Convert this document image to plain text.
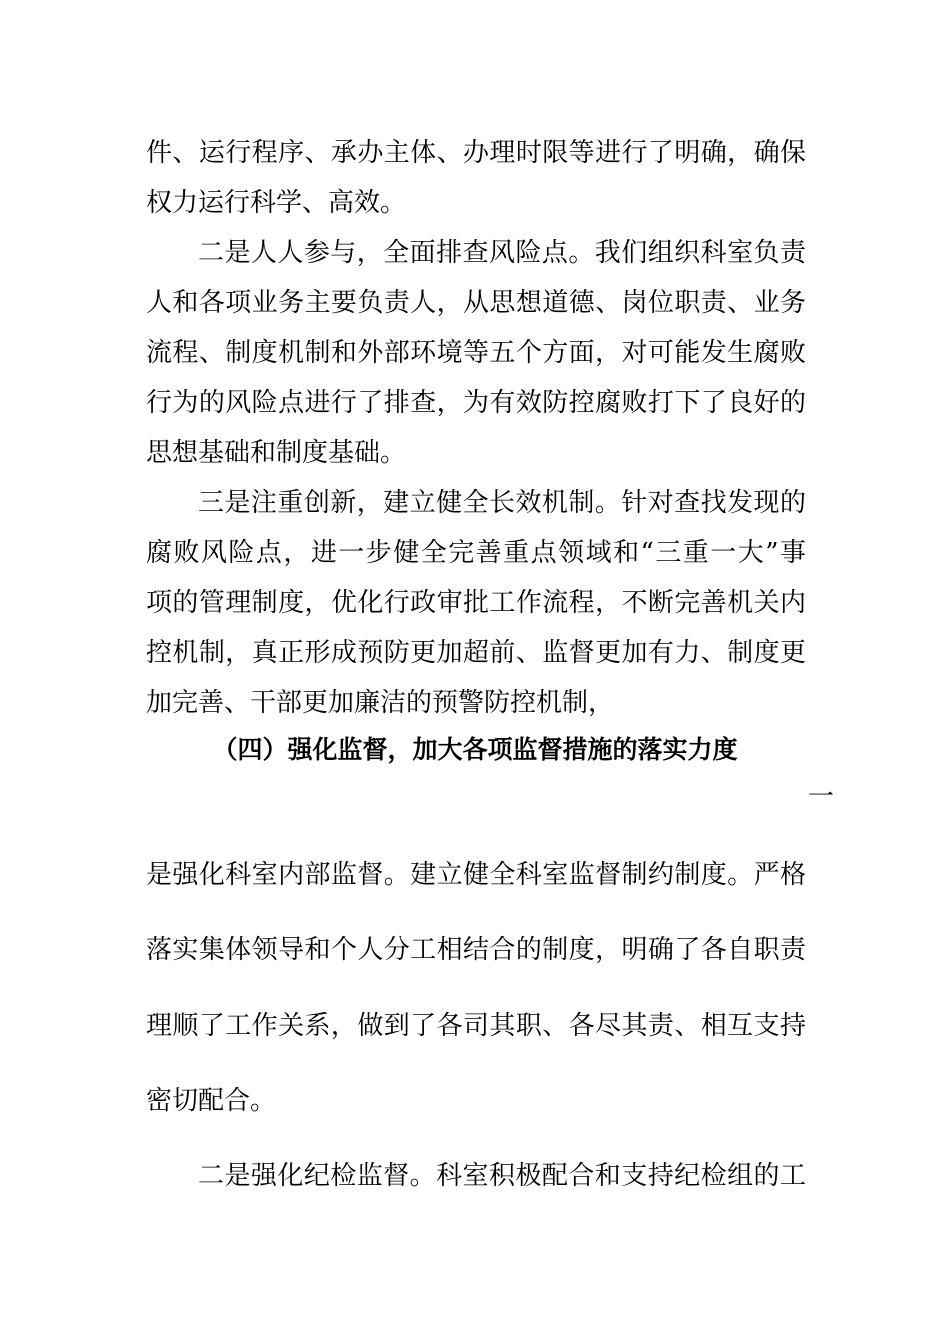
件、运行程序、承办主体、办理时限等进行了明确，确保
权力运行科学、高效。
二是人人参与，全面排查风险点。我们组织科室负责
人和各项业务主要负责人，从思想道德、岗位职责、业务
流程、制度机制和外部环境等五个方面，对可能发生腐败
行为的风险点进行了排查，为有效防控腐败打下了良好的
思想基础和制度基础。
三是注重创新，建立健全长效机制。针对查找发现的
腐败风险点，进一步健全完善重点领域和“三重一大”事
项的管理制度，优化行政审批工作流程，不断完善机关内
控机制，真正形成预防更加超前、监督更加有力、制度更
加完善、干部更加廉洁的预警防控机制，
（四）强化监督，加大各项监督措施的落实力度
一
是强化科室内部监督。建立健全科室监督制约制度。严格
落实集体领导和个人分工相结合的制度，明确了各自职责
理顺了工作关系，做到了各司其职、各尽其责、相互支持
密切配合。
二是强化纪检监督。科室积极配合和支持纪检组的工
